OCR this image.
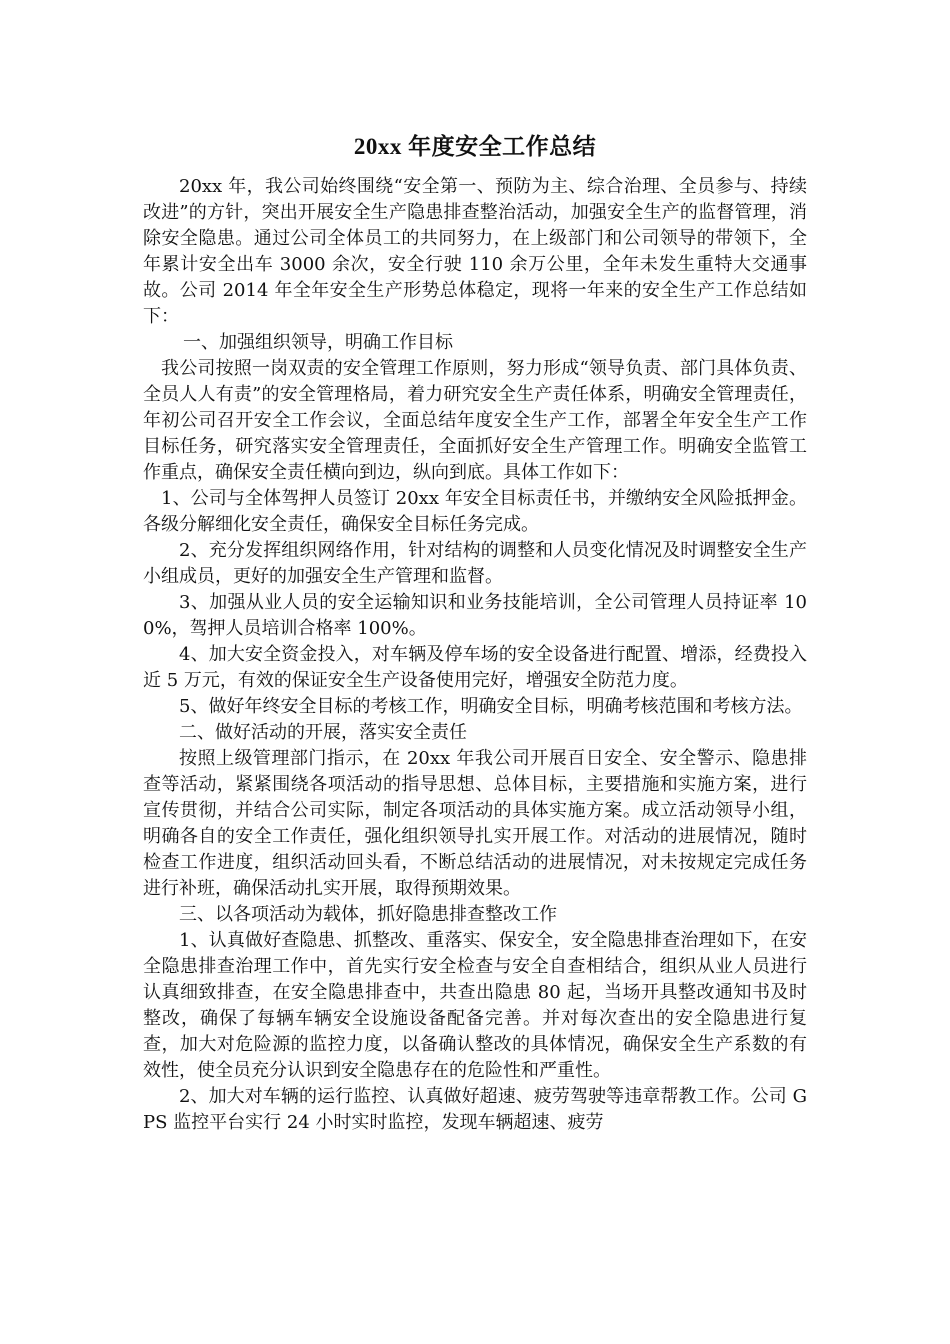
20xx 年度安全工作总结

20xx 年，我公司始终围绕“安全第一、预防为主、综合治理、全员参与、持续改进”的方针，突出开展安全生产隐患排查整治活动，加强安全生产的监督管理，消除安全隐患。通过公司全体员工的共同努力，在上级部门和公司领导的带领下，全年累计安全出车 3000 余次，安全行驶 110 余万公里，全年未发生重特大交通事故。公司 2014 年全年安全生产形势总体稳定，现将一年来的安全生产工作总结如下：

一、加强组织领导，明确工作目标

我公司按照一岗双责的安全管理工作原则，努力形成“领导负责、部门具体负责、全员人人有责”的安全管理格局，着力研究安全生产责任体系，明确安全管理责任，年初公司召开安全工作会议，全面总结年度安全生产工作，部署全年安全生产工作目标任务，研究落实安全管理责任，全面抓好安全生产管理工作。明确安全监管工作重点，确保安全责任横向到边，纵向到底。具体工作如下：

1、公司与全体驾押人员签订 20xx 年安全目标责任书，并缴纳安全风险抵押金。各级分解细化安全责任，确保安全目标任务完成。

2、充分发挥组织网络作用，针对结构的调整和人员变化情况及时调整安全生产小组成员，更好的加强安全生产管理和监督。

3、加强从业人员的安全运输知识和业务技能培训，全公司管理人员持证率 100%，驾押人员培训合格率 100%。

4、加大安全资金投入，对车辆及停车场的安全设备进行配置、增添，经费投入近 5 万元，有效的保证安全生产设备使用完好，增强安全防范力度。

5、做好年终安全目标的考核工作，明确安全目标，明确考核范围和考核方法。

二、做好活动的开展，落实安全责任

按照上级管理部门指示，在 20xx 年我公司开展百日安全、安全警示、隐患排查等活动，紧紧围绕各项活动的指导思想、总体目标，主要措施和实施方案，进行宣传贯彻，并结合公司实际，制定各项活动的具体实施方案。成立活动领导小组，明确各自的安全工作责任，强化组织领导扎实开展工作。对活动的进展情况，随时检查工作进度，组织活动回头看，不断总结活动的进展情况，对未按规定完成任务进行补班，确保活动扎实开展，取得预期效果。

三、以各项活动为载体，抓好隐患排查整改工作

1、认真做好查隐患、抓整改、重落实、保安全，安全隐患排查治理如下，在安全隐患排查治理工作中，首先实行安全检查与安全自查相结合，组织从业人员进行认真细致排查，在安全隐患排查中，共查出隐患 80 起，当场开具整改通知书及时整改，确保了每辆车辆安全设施设备配备完善。并对每次查出的安全隐患进行复查，加大对危险源的监控力度，以备确认整改的具体情况，确保安全生产系数的有效性，使全员充分认识到安全隐患存在的危险性和严重性。

2、加大对车辆的运行监控、认真做好超速、疲劳驾驶等违章帮教工作。公司 GPS 监控平台实行 24 小时实时监控，发现车辆超速、疲劳
